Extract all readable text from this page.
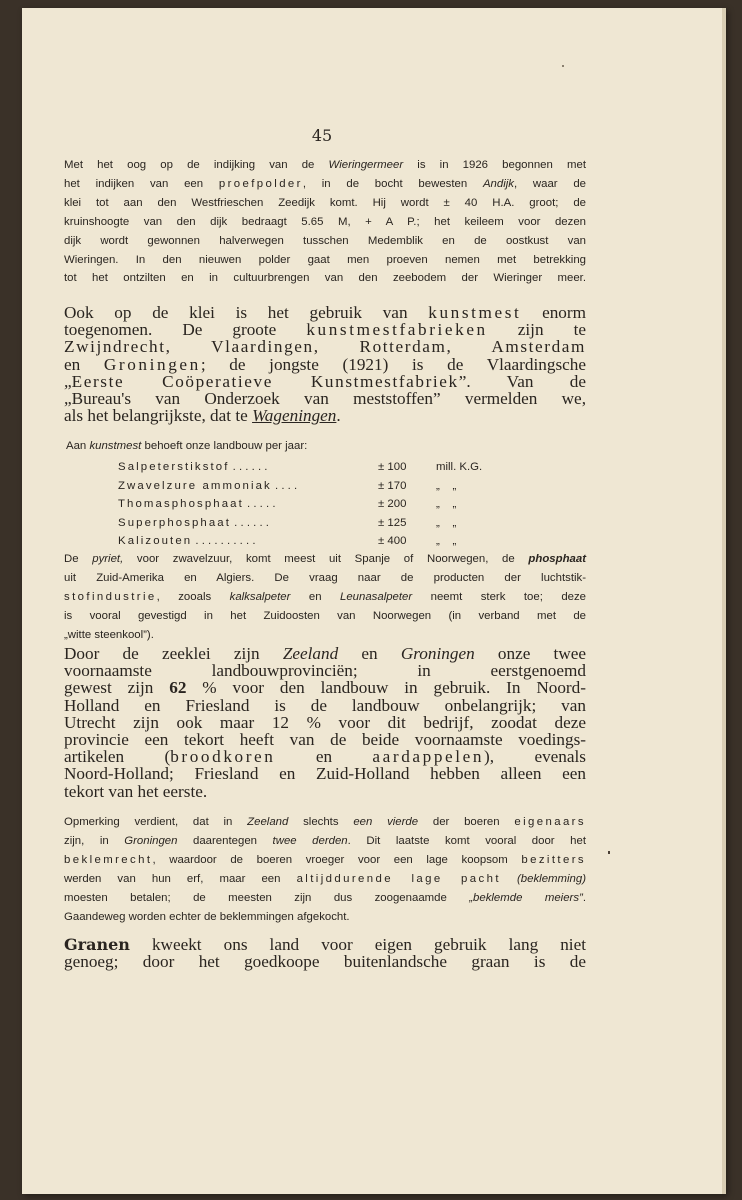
45
Met het oog op de indijking van de Wieringermeer is in 1926 begonnen met
het indijken van een proefpolder, in de bocht bewesten Andijk, waar de
klei tot aan den Westfrieschen Zeedijk komt. Hij wordt ± 40 H.A. groot; de
kruinshoogte van den dijk bedraagt 5.65 M, + A P.; het keileem voor dezen
dijk wordt gewonnen halverwegen tusschen Medemblik en de oostkust van
Wieringen. In den nieuwen polder gaat men proeven nemen met betrekking
tot het ontzilten en in cultuurbrengen van den zeebodem der Wieringer meer.
Ook op de klei is het gebruik van kunstmest enorm
toegenomen. De groote kunstmestfabrieken zijn te
Zwijndrecht, Vlaardingen, Rotterdam, Amsterdam
en Groningen; de jongste (1921) is de Vlaardingsche
„Eerste Coöperatieve Kunstmestfabriek”. Van de
„Bureau's van Onderzoek van meststoffen” vermelden we,
als het belangrijkste, dat te Wageningen.
Aan kunstmest behoeft onze landbouw per jaar:
Salpeterstikstof . . . . . .	± 100	mill. K.G.
Zwavelzure ammoniak . . . .	± 170	„    „
Thomasphosphaat . . . . .	± 200	„    „
Superphosphaat . . . . . .	± 125	„    „
Kalizouten . . . . . . . . . .	± 400	„    „
De pyriet, voor zwavelzuur, komt meest uit Spanje of Noorwegen, de phosphaat
uit Zuid-Amerika en Algiers. De vraag naar de producten der luchtstik-
stofindustrie, zooals kalksalpeter en Leunasalpeter neemt sterk toe; deze
is vooral gevestigd in het Zuidoosten van Noorwegen (in verband met de
„witte steenkool”).
Door de zeeklei zijn Zeeland en Groningen onze twee
voornaamste landbouwprovinciën; in eerstgenoemd
gewest zijn 62 % voor den landbouw in gebruik. In Noord-
Holland en Friesland is de landbouw onbelangrijk; van
Utrecht zijn ook maar 12 % voor dit bedrijf, zoodat deze
provincie een tekort heeft van de beide voornaamste voedings-
artikelen (broodkoren en aardappelen), evenals
Noord-Holland; Friesland en Zuid-Holland hebben alleen een
tekort van het eerste.
Opmerking verdient, dat in Zeeland slechts een vierde der boeren eigenaars
zijn, in Groningen daarentegen twee derden. Dit laatste komt vooral door het
beklemrecht, waardoor de boeren vroeger voor een lage koopsom bezitters
werden van hun erf, maar een altijddurende lage pacht (beklemming)
moesten betalen; de meesten zijn dus zoogenaamde „beklemde meiers”.
Gaandeweg worden echter de beklemmingen afgekocht.
Granen kweekt ons land voor eigen gebruik lang niet
genoeg; door het goedkoope buitenlandsche graan is de
